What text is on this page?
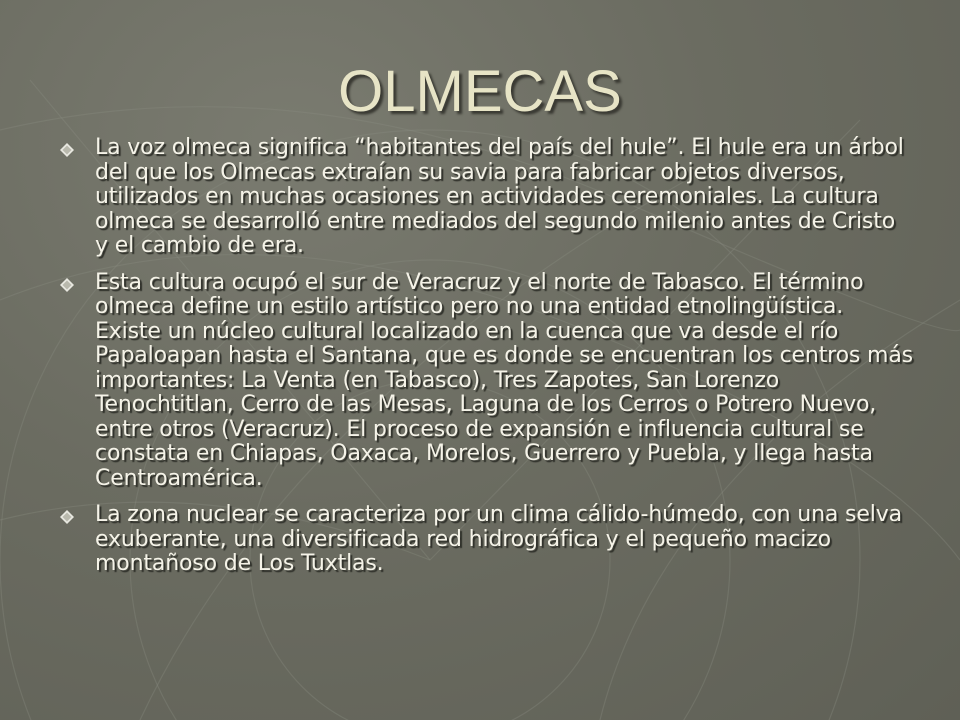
OLMECAS
La voz olmeca significa “habitantes del país del hule”. El hule era un árbol del que los Olmecas extraían su savia para fabricar objetos diversos, utilizados en muchas ocasiones en actividades ceremoniales. La cultura olmeca se desarrolló entre mediados del segundo milenio antes de Cristo y el cambio de era.
Esta cultura ocupó el sur de Veracruz y el norte de Tabasco. El término olmeca define un estilo artístico pero no una entidad etnolingüística. Existe un núcleo cultural localizado en la cuenca que va desde el río Papaloapan hasta el Santana, que es donde se encuentran los centros más importantes: La Venta (en Tabasco), Tres Zapotes, San Lorenzo Tenochtitlan, Cerro de las Mesas, Laguna de los Cerros o Potrero Nuevo, entre otros (Veracruz). El proceso de expansión e influencia cultural se constata en Chiapas, Oaxaca, Morelos, Guerrero y Puebla, y llega hasta Centroamérica.
La zona nuclear se caracteriza por un clima cálido-húmedo, con una selva exuberante, una diversificada red hidrográfica y el pequeño macizo montañoso de Los Tuxtlas.
